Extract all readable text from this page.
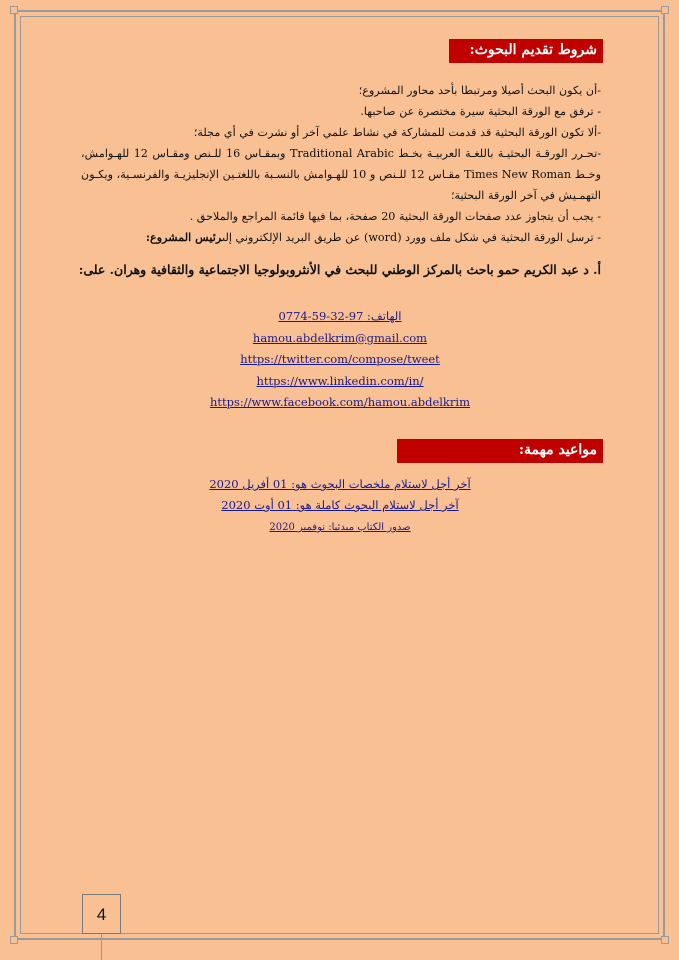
شروط تقديم البحوث:

-أن يكون البحث أصيلا ومرتبطا بأحد محاور المشروع؛

- ترفق مع الورقة البحثية سيرة مختصرة عن صاحبها.

-ألا تكون الورقة البحثية قد قدمت للمشاركة في نشاط علمي آخر أو نشرت في أي مجلة؛

-تحـرر الورقـة البحثيـة باللغـة العربيـة بخـط Traditional Arabic وبمقـاس 16 للـنص ومقـاس 12 للهـوامش، وخـط Times New Roman مقـاس 12 للـنص و 10 للهـوامش بالنسـبة باللغتـين الإنجليزيـة والفرنسـية، ويكـون التهمـيش في آخر الورقة البحثية؛

- يجب أن يتجاوز عدد صفحات الورقة البحثية 20 صفحة، بما فيها قائمة المراجع والملاحق .

- ترسل الورقة البحثية في شكل ملف وورد (word) عن طريق البريد الإلكتروني إلىرئيس المشروع:

أ. د عبد الكريم حمو باحث بالمركز الوطني للبحث في الأنثروبولوجيا الاجتماعية والثقافية وهران. على:
الهاتف: 97-32-59-0774
hamou.abdelkrim@gmail.com
https://twitter.com/compose/tweet
https://www.linkedin.com/in/
https://www.facebook.com/hamou.abdelkrim
مواعيد مهمة:
آخر أجل لاستلام ملخصات البحوث هو: 01 أفريل 2020
آخر أجل لاستلام البحوث كاملة هو: 01 أوت 2020
صدور الكتاب مبدئيا: نوفمبر 2020
4
